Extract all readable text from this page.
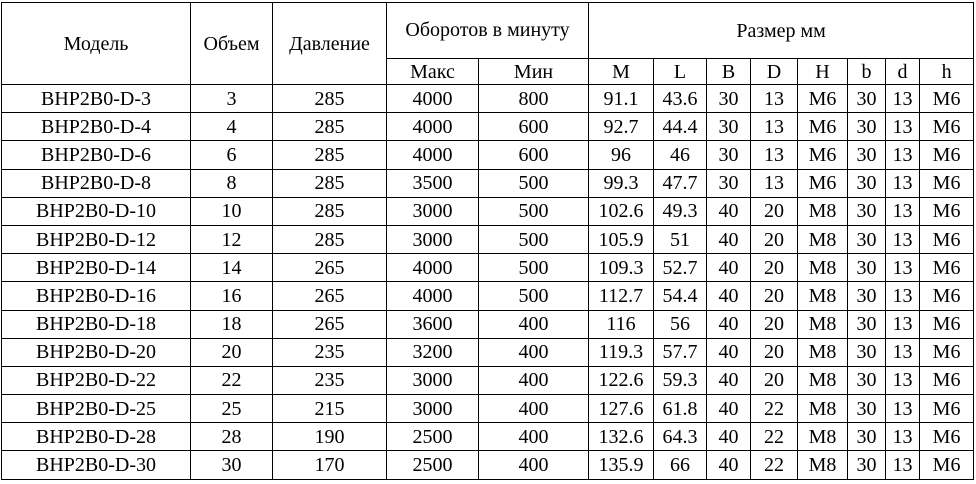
Модель	Объем	Давление	Оборотов в минуту		Размер мм							
			Макс	Мин	M	L	B	D	H	b	d	h
BHP2B0-D-3	3	285	4000	800	91.1	43.6	30	13	M6	30	13	M6
BHP2B0-D-4	4	285	4000	600	92.7	44.4	30	13	M6	30	13	M6
BHP2B0-D-6	6	285	4000	600	96	46	30	13	M6	30	13	M6
BHP2B0-D-8	8	285	3500	500	99.3	47.7	30	13	M6	30	13	M6
BHP2B0-D-10	10	285	3000	500	102.6	49.3	40	20	M8	30	13	M6
BHP2B0-D-12	12	285	3000	500	105.9	51	40	20	M8	30	13	M6
BHP2B0-D-14	14	265	4000	500	109.3	52.7	40	20	M8	30	13	M6
BHP2B0-D-16	16	265	4000	500	112.7	54.4	40	20	M8	30	13	M6
BHP2B0-D-18	18	265	3600	400	116	56	40	20	M8	30	13	M6
BHP2B0-D-20	20	235	3200	400	119.3	57.7	40	20	M8	30	13	M6
BHP2B0-D-22	22	235	3000	400	122.6	59.3	40	20	M8	30	13	M6
BHP2B0-D-25	25	215	3000	400	127.6	61.8	40	22	M8	30	13	M6
BHP2B0-D-28	28	190	2500	400	132.6	64.3	40	22	M8	30	13	M6
BHP2B0-D-30	30	170	2500	400	135.9	66	40	22	M8	30	13	M6
